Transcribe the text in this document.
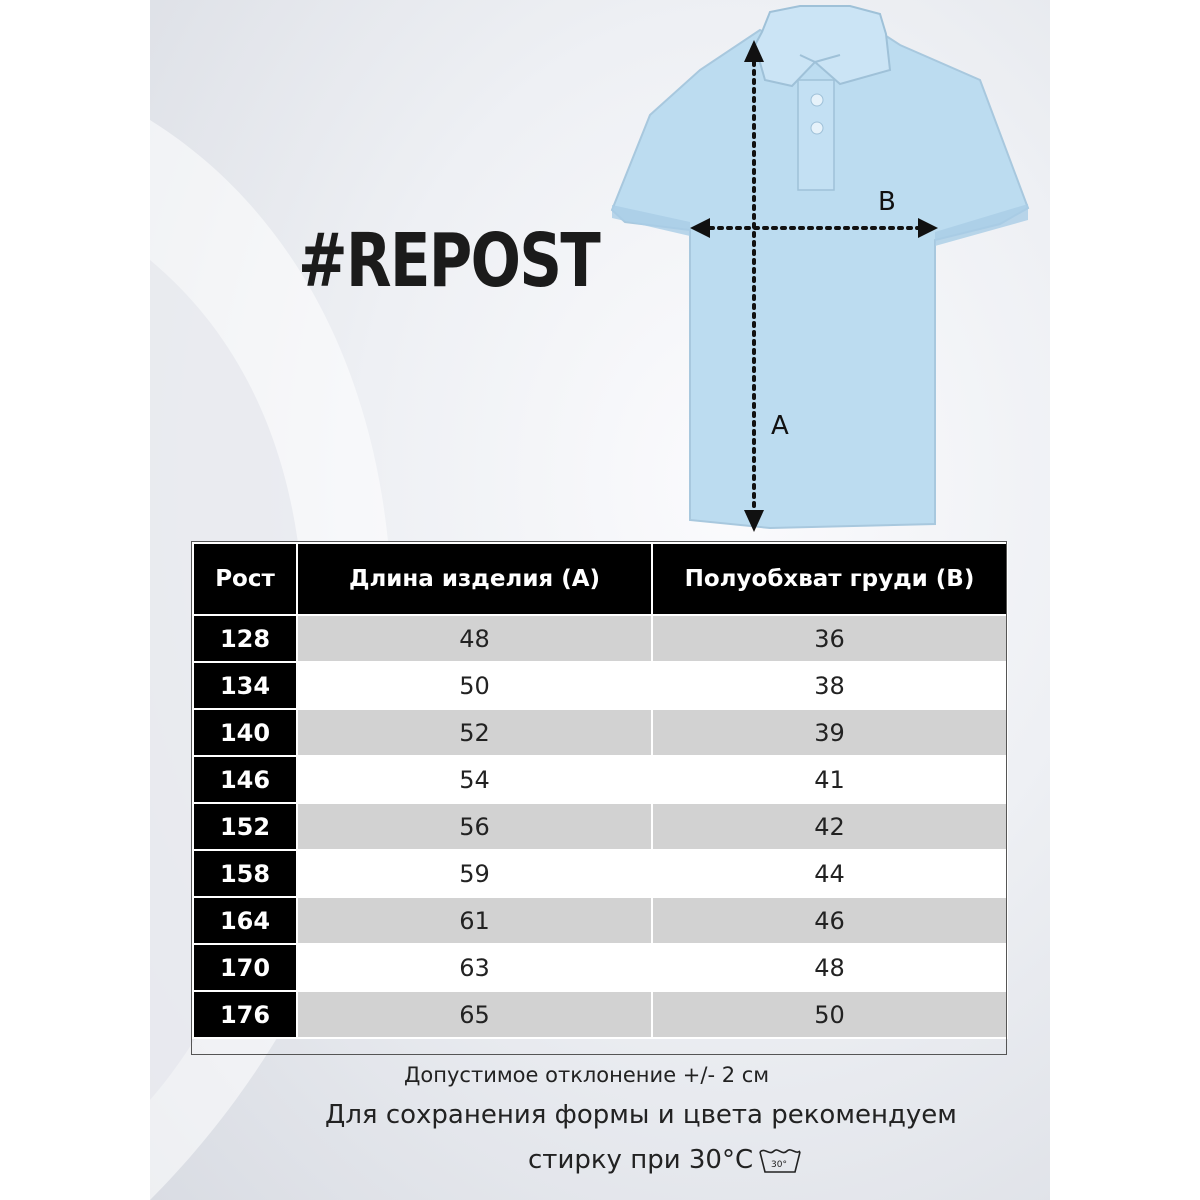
#REPOST
B
A
Рост	Длина изделия (А)	Полуобхват груди (В)
128	48	36
134	50	38
140	52	39
146	54	41
152	56	42
158	59	44
164	61	46
170	63	48
176	65	50
Допустимое отклонение +/- 2 см
Для сохранения формы и цвета рекомендуем
стирку при 30°С 30°
